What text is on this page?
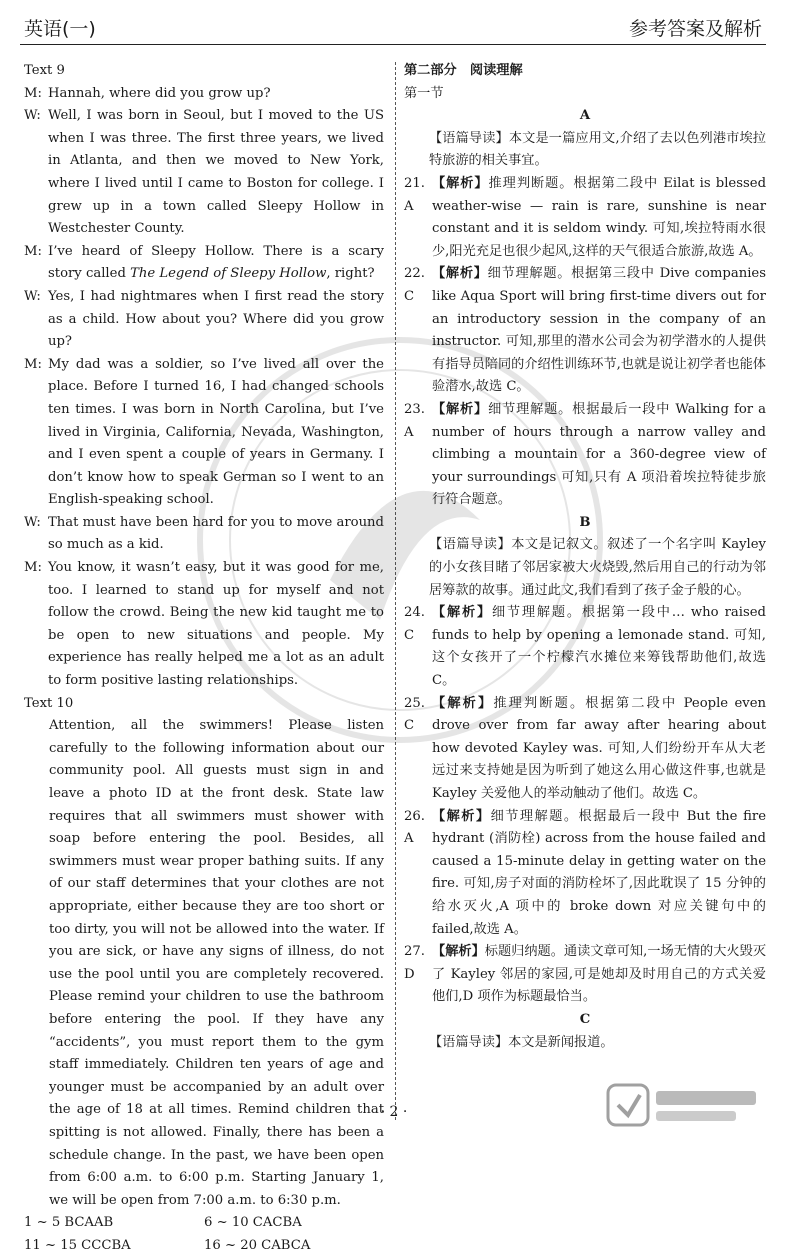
英语(一)	参考答案及解析

Text 9

M: Hannah, where did you grow up?
W: Well, I was born in Seoul, but I moved to the US when I was three. The first three years, we lived in Atlanta, and then we moved to New York, where I lived until I came to Boston for college. I grew up in a town called Sleepy Hollow in Westchester County.
M: I’ve heard of Sleepy Hollow. There is a scary story called The Legend of Sleepy Hollow, right?
W: Yes, I had nightmares when I first read the story as a child. How about you? Where did you grow up?
M: My dad was a soldier, so I’ve lived all over the place. Before I turned 16, I had changed schools ten times. I was born in North Carolina, but I’ve lived in Virginia, California, Nevada, Washington, and I even spent a couple of years in Germany. I don’t know how to speak German so I went to an English-speaking school.
W: That must have been hard for you to move around so much as a kid.
M: You know, it wasn’t easy, but it was good for me, too. I learned to stand up for myself and not follow the crowd. Being the new kid taught me to be open to new situations and people. My experience has really helped me a lot as an adult to form positive lasting relationships.

Text 10

Attention, all the swimmers! Please listen carefully to the following information about our community pool. All guests must sign in and leave a photo ID at the front desk. State law requires that all swimmers must shower with soap before entering the pool. Besides, all swimmers must wear proper bathing suits. If any of our staff determines that your clothes are not appropriate, either because they are too short or too dirty, you will not be allowed into the water. If you are sick, or have any signs of illness, do not use the pool until you are completely recovered. Please remind your children to use the bathroom before entering the pool. If they have any “accidents”, you must report them to the gym staff immediately. Children ten years of age and younger must be accompanied by an adult over the age of 18 at all times. Remind children that spitting is not allowed. Finally, there has been a schedule change. In the past, we have been open from 6:00 a.m. to 6:00 p.m. Starting January 1, we will be open from 7:00 a.m. to 6:30 p.m.

1 ~ 5 BCAAB	6 ~ 10 CACBA
11 ~ 15 CCCBA	16 ~ 20 CABCA

第二部分　阅读理解

第一节

A

【语篇导读】本文是一篇应用文,介绍了去以色列港市埃拉特旅游的相关事宜。

21. A
【解析】推理判断题。根据第二段中 Eilat is blessed weather-wise — rain is rare, sunshine is near constant and it is seldom windy. 可知,埃拉特雨水很少,阳光充足也很少起风,这样的天气很适合旅游,故选 A。
22. C
【解析】细节理解题。根据第三段中 Dive companies like Aqua Sport will bring first-time divers out for an introductory session in the company of an instructor. 可知,那里的潜水公司会为初学潜水的人提供有指导员陪同的介绍性训练环节,也就是说让初学者也能体验潜水,故选 C。
23. A
【解析】细节理解题。根据最后一段中 Walking for a number of hours through a narrow valley and climbing a mountain for a 360-degree view of your surroundings 可知,只有 A 项沿着埃拉特徒步旅行符合题意。

B

【语篇导读】本文是记叙文。叙述了一个名字叫 Kayley 的小女孩目睹了邻居家被大火烧毁,然后用自己的行动为邻居筹款的故事。通过此文,我们看到了孩子金子般的心。

24. C
【解析】细节理解题。根据第一段中… who raised funds to help by opening a lemonade stand. 可知,这个女孩开了一个柠檬汽水摊位来筹钱帮助他们,故选 C。
25. C
【解析】推理判断题。根据第二段中 People even drove over from far away after hearing about how devoted Kayley was. 可知,人们纷纷开车从大老远过来支持她是因为听到了她这么用心做这件事,也就是 Kayley 关爱他人的举动触动了他们。故选 C。
26. A
【解析】细节理解题。根据最后一段中 But the fire hydrant (消防栓) across from the house failed and caused a 15-minute delay in getting water on the fire. 可知,房子对面的消防栓坏了,因此耽误了 15 分钟的给水灭火,A 项中的 broke down 对应关键句中的 failed,故选 A。
27. D
【解析】标题归纳题。通读文章可知,一场无情的大火毁灭了 Kayley 邻居的家园,可是她却及时用自己的方式关爱他们,D 项作为标题最恰当。

C

【语篇导读】本文是新闻报道。

· 2 ·
